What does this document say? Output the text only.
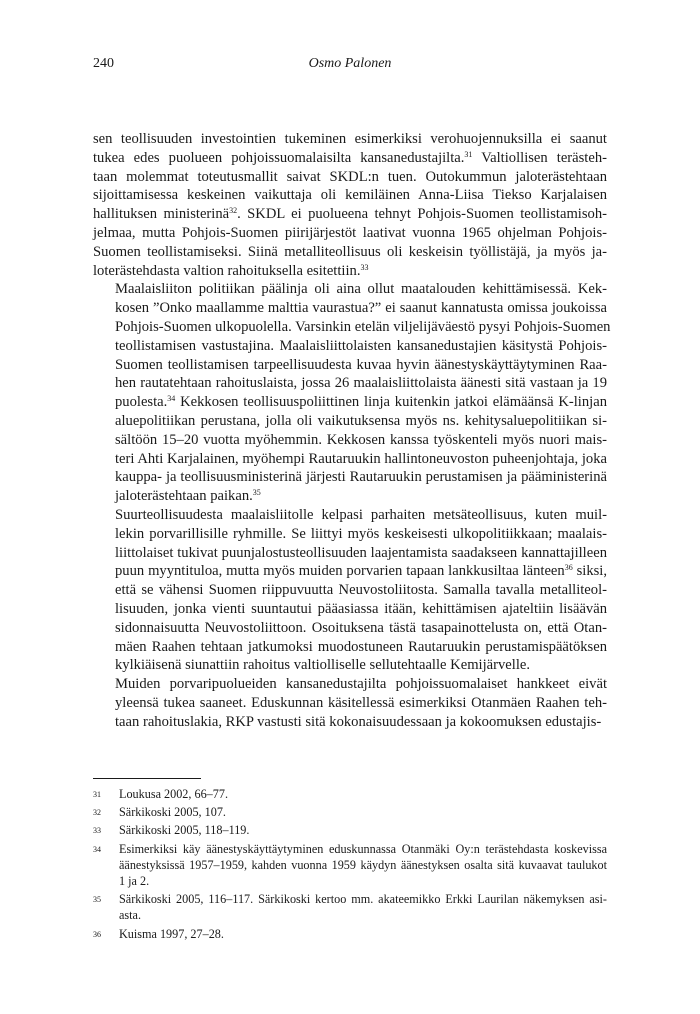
240	Osmo Palonen

sen teollisuuden investointien tukeminen esimerkiksi verohuojennuksilla ei saanut
tukea edes puolueen pohjoissuomalaisilta kansanedustajilta.$^{31}$ Valtiollisen terästeh-
taan molemmat toteutusmallit saivat SKDL:n tuen. Outokummun jaloterästehtaan
sijoittamisessa keskeinen vaikuttaja oli kemiläinen Anna-Liisa Tiekso Karjalaisen
hallituksen ministerinä$^{32}$. SKDL ei puolueena tehnyt Pohjois-Suomen teollistamisoh-
jelmaa, mutta Pohjois-Suomen piirijärjestöt laativat vuonna 1965 ohjelman Pohjois-
Suomen teollistamiseksi. Siinä metalliteollisuus oli keskeisin työllistäjä, ja myös ja-
loterästehdasta valtion rahoituksella esitettiin.$^{33}$

Maalaisliiton politiikan päälinja oli aina ollut maatalouden kehittämisessä. Kek-
kosen ”Onko maallamme malttia vaurastua?” ei saanut kannatusta omissa joukoissa
Pohjois-Suomen ulkopuolella. Varsinkin etelän viljelijäväestö pysyi Pohjois-Suomen
teollistamisen vastustajina. Maalaisliittolaisten kansanedustajien käsitystä Pohjois-
Suomen teollistamisen tarpeellisuudesta kuvaa hyvin äänestyskäyttäytyminen Raa-
hen rautatehtaan rahoituslaista, jossa 26 maalaisliittolaista äänesti sitä vastaan ja 19
puolesta.$^{34}$ Kekkosen teollisuuspoliittinen linja kuitenkin jatkoi elämäänsä K-linjan
aluepolitiikan perustana, jolla oli vaikutuksensa myös ns. kehitysaluepolitiikan si-
sältöön 15–20 vuotta myöhemmin. Kekkosen kanssa työskenteli myös nuori mais-
teri Ahti Karjalainen, myöhempi Rautaruukin hallintoneuvoston puheenjohtaja, joka
kauppa- ja teollisuusministerinä järjesti Rautaruukin perustamisen ja pääministerinä
jaloterästehtaan paikan.$^{35}$

Suurteollisuudesta maalaisliitolle kelpasi parhaiten metsäteollisuus, kuten muil-
lekin porvarillisille ryhmille. Se liittyi myös keskeisesti ulkopolitiikkaan; maalais-
liittolaiset tukivat puunjalostusteollisuuden laajentamista saadakseen kannattajilleen
puun myyntituloa, mutta myös muiden porvarien tapaan lankkusiltaa länteen$^{36}$ siksi,
että se vähensi Suomen riippuvuutta Neuvostoliitosta. Samalla tavalla metalliteol-
lisuuden, jonka vienti suuntautui pääasiassa itään, kehittämisen ajateltiin lisäävän
sidonnaisuutta Neuvostoliittoon. Osoituksena tästä tasapainottelusta on, että Otan-
mäen Raahen tehtaan jatkumoksi muodostuneen Rautaruukin perustamispäätöksen
kylkiäisenä siunattiin rahoitus valtiolliselle sellutehtaalle Kemijärvelle.

Muiden porvaripuolueiden kansanedustajilta pohjoissuomalaiset hankkeet eivät
yleensä tukea saaneet. Eduskunnan käsitellessä esimerkiksi Otanmäen Raahen teh-
taan rahoituslakia, RKP vastusti sitä kokonaisuudessaan ja kokoomuksen edustajis-

31 Loukusa 2002, 66–77.
32 Särkikoski 2005, 107.
33 Särkikoski 2005, 118–119.
34 Esimerkiksi käy äänestyskäyttäytyminen eduskunnassa Otanmäki Oy:n terästehdasta koskevissa
äänestyksissä 1957–1959, kahden vuonna 1959 käydyn äänestyksen osalta sitä kuvaavat taulukot
1 ja 2.
35 Särkikoski 2005, 116–117. Särkikoski kertoo mm. akateemikko Erkki Laurilan näkemyksen asi-
asta.
36 Kuisma 1997, 27–28.
